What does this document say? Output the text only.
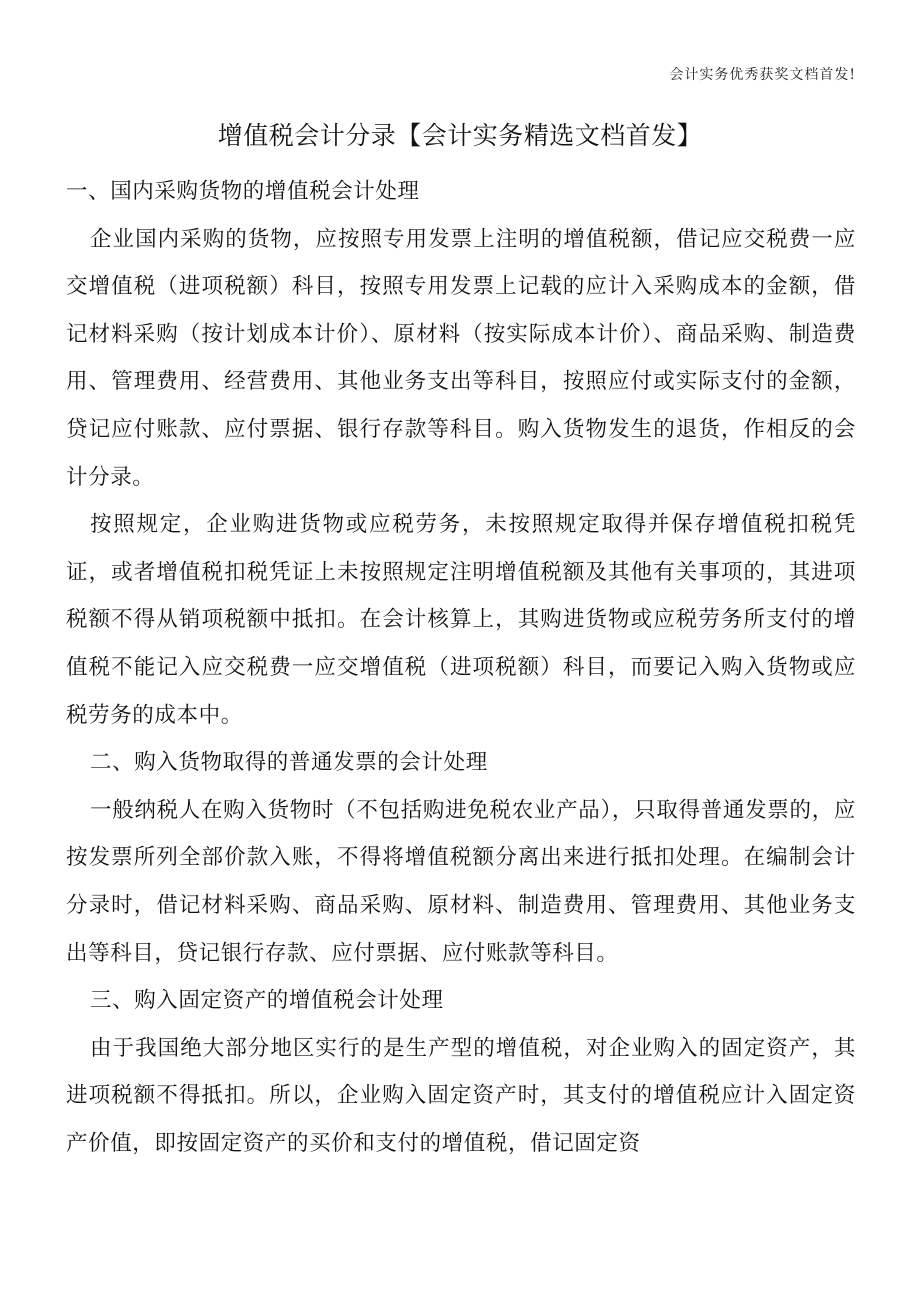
会计实务优秀获奖文档首发!
增值税会计分录【会计实务精选文档首发】

一、国内采购货物的增值税会计处理

企业国内采购的货物，应按照专用发票上注明的增值税额，借记应交税费一应交增值税（进项税额）科目，按照专用发票上记载的应计入采购成本的金额，借记材料采购（按计划成本计价）、原材料（按实际成本计价）、商品采购、制造费用、管理费用、经营费用、其他业务支出等科目，按照应付或实际支付的金额，贷记应付账款、应付票据、银行存款等科目。购入货物发生的退货，作相反的会计分录。

按照规定，企业购进货物或应税劳务，未按照规定取得并保存增值税扣税凭证，或者增值税扣税凭证上未按照规定注明增值税额及其他有关事项的，其进项税额不得从销项税额中抵扣。在会计核算上，其购进货物或应税劳务所支付的增值税不能记入应交税费一应交增值税（进项税额）科目，而要记入购入货物或应税劳务的成本中。

二、购入货物取得的普通发票的会计处理

一般纳税人在购入货物时（不包括购进免税农业产品），只取得普通发票的，应按发票所列全部价款入账，不得将增值税额分离出来进行抵扣处理。在编制会计分录时，借记材料采购、商品采购、原材料、制造费用、管理费用、其他业务支出等科目，贷记银行存款、应付票据、应付账款等科目。

三、购入固定资产的增值税会计处理

由于我国绝大部分地区实行的是生产型的增值税，对企业购入的固定资产，其进项税额不得抵扣。所以，企业购入固定资产时，其支付的增值税应计入固定资产价值，即按固定资产的买价和支付的增值税，借记固定资
